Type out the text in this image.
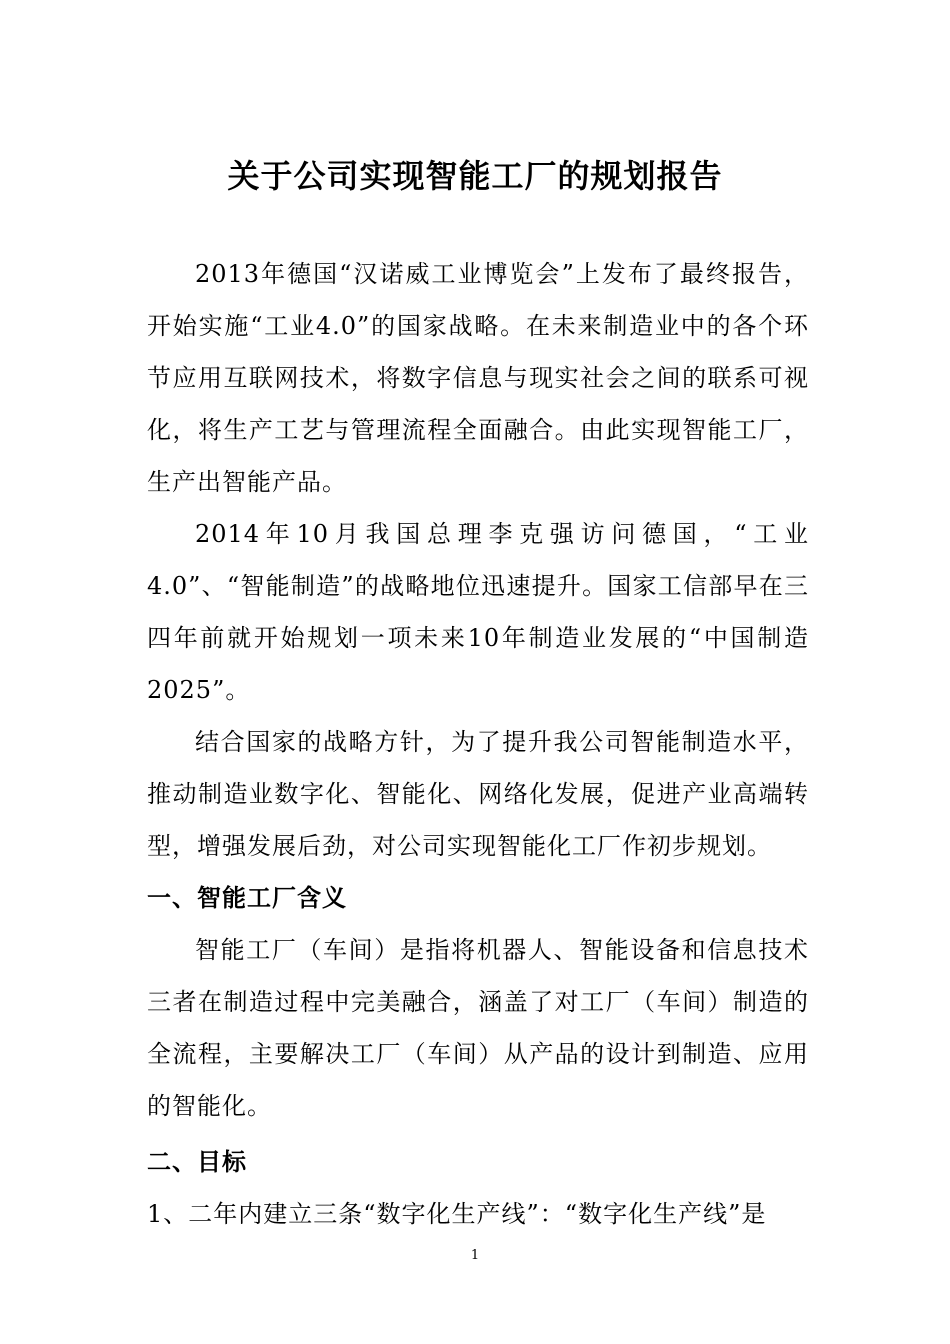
关于公司实现智能工厂的规划报告

2013年德国“汉诺威工业博览会”上发布了最终报告，开始实施“工业4.0”的国家战略。在未来制造业中的各个环节应用互联网技术，将数字信息与现实社会之间的联系可视化，将生产工艺与管理流程全面融合。由此实现智能工厂，生产出智能产品。

2014年10月我国总理李克强访问德国，“工业4.0”、“智能制造”的战略地位迅速提升。国家工信部早在三四年前就开始规划一项未来10年制造业发展的“中国制造2025”。

结合国家的战略方针，为了提升我公司智能制造水平，推动制造业数字化、智能化、网络化发展，促进产业高端转型，增强发展后劲，对公司实现智能化工厂作初步规划。

一、智能工厂含义

智能工厂（车间）是指将机器人、智能设备和信息技术三者在制造过程中完美融合，涵盖了对工厂（车间）制造的全流程，主要解决工厂（车间）从产品的设计到制造、应用的智能化。

二、目标

1、二年内建立三条“数字化生产线”：“数字化生产线”是

1
